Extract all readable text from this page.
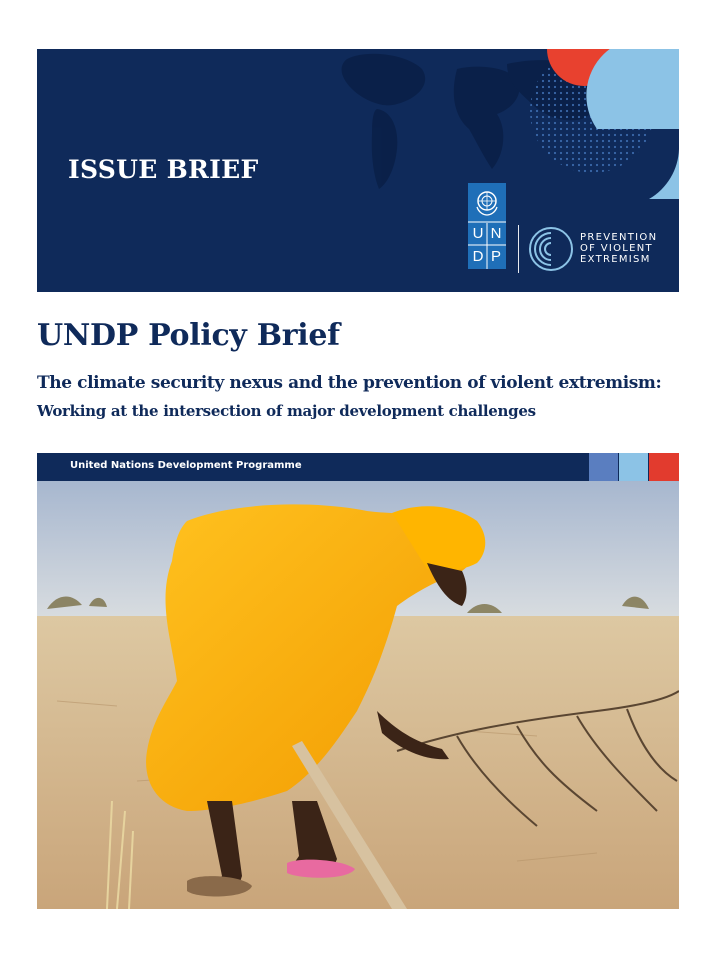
ISSUE BRIEF
U N
D P
PREVENTION
OF VIOLENT
EXTREMISM
UNDP Policy Brief
The climate security nexus and the prevention of violent extremism:
Working at the intersection of major development challenges
United Nations Development Programme
